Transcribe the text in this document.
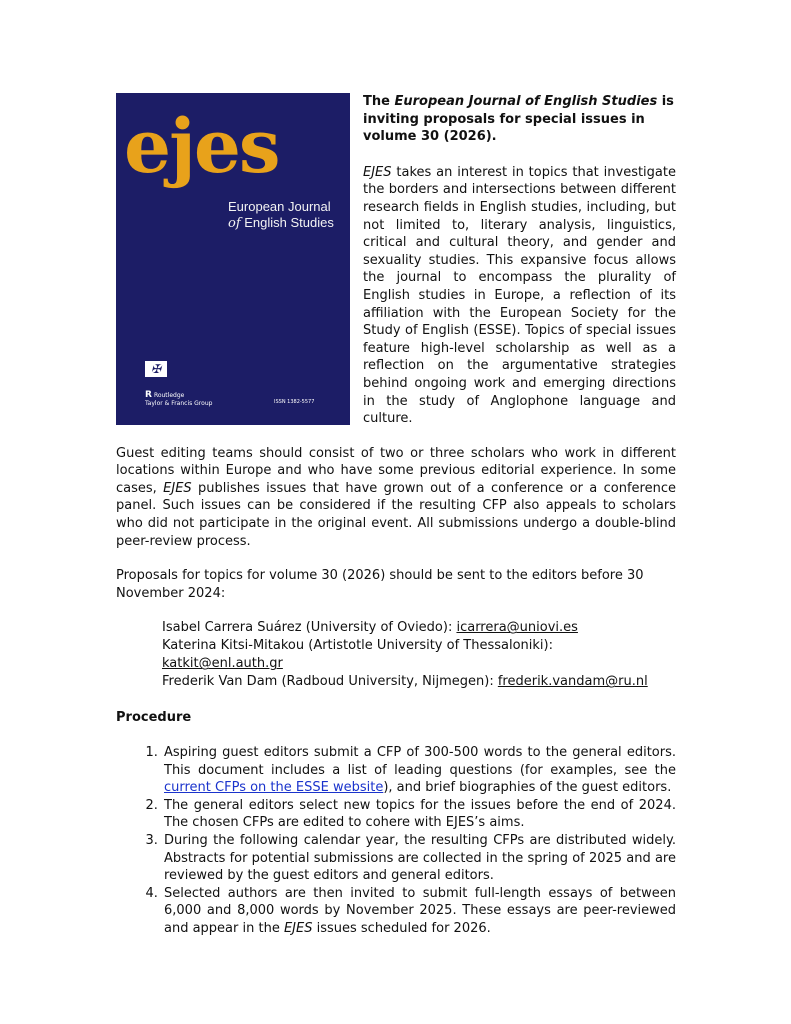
ejes
European Journal
of English Studies
✠
R Routledge
Taylor & Francis Group	ISSN 1382-5577
The European Journal of English Studies is inviting proposals for special issues in volume 30 (2026).

EJES takes an interest in topics that investigate the borders and intersections between different research fields in English studies, including, but not limited to, literary analysis, linguistics, critical and cultural theory, and gender and sexuality studies. This expansive focus allows the journal to encompass the plurality of English studies in Europe, a reflection of its affiliation with the European Society for the Study of English (ESSE). Topics of special issues feature high-level scholarship as well as a reflection on the argumentative strategies behind ongoing work and emerging directions in the study of Anglophone language and culture.

Guest editing teams should consist of two or three scholars who work in different locations within Europe and who have some previous editorial experience. In some cases, EJES publishes issues that have grown out of a conference or a conference panel. Such issues can be considered if the resulting CFP also appeals to scholars who did not participate in the original event. All submissions undergo a double-blind peer-review process.

Proposals for topics for volume 30 (2026) should be sent to the editors before 30 November 2024:

Isabel Carrera Suárez (University of Oviedo): icarrera@uniovi.es
Katerina Kitsi-Mitakou (Artistotle University of Thessaloniki): katkit@enl.auth.gr
Frederik Van Dam (Radboud University, Nijmegen): frederik.vandam@ru.nl
Procedure
1. Aspiring guest editors submit a CFP of 300-500 words to the general editors. This document includes a list of leading questions (for examples, see the current CFPs on the ESSE website), and brief biographies of the guest editors.
2. The general editors select new topics for the issues before the end of 2024. The chosen CFPs are edited to cohere with EJES’s aims.
3. During the following calendar year, the resulting CFPs are distributed widely. Abstracts for potential submissions are collected in the spring of 2025 and are reviewed by the guest editors and general editors.
4. Selected authors are then invited to submit full-length essays of between 6,000 and 8,000 words by November 2025. These essays are peer-reviewed and appear in the EJES issues scheduled for 2026.
